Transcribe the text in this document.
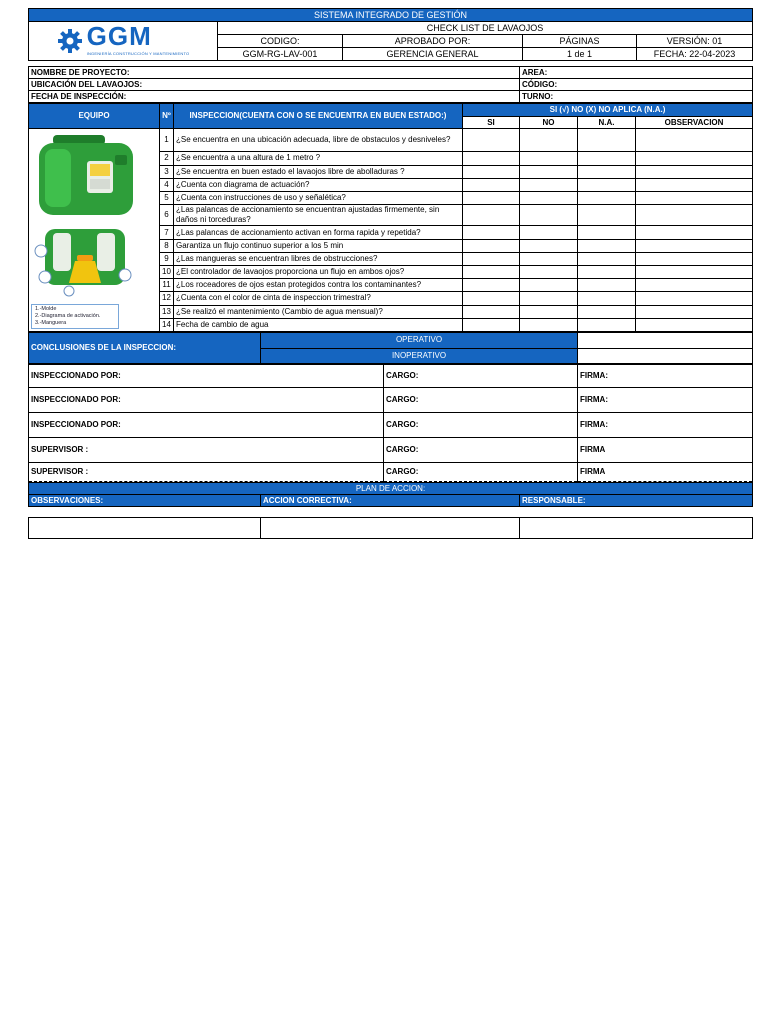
SISTEMA INTEGRADO DE GESTIÓN				

GGM
INGENIERÍA CONSTRUCCIÓN Y MANTENIMIENTO	CHECK LIST DE LAVAOJOS			
	CODIGO:	APROBADO POR:	PÁGINAS	VERSIÓN: 01
	GGM-RG-LAV-001	GERENCIA GENERAL	1 de 1	FECHA: 22-04-2023
NOMBRE DE PROYECTO:	AREA:
UBICACIÓN DEL LAVAOJOS:	CÓDIGO:
FECHA DE INSPECCIÓN:	TURNO:
EQUIPO	Nº	INSPECCION(CUENTA CON O SE ENCUENTRA EN BUEN ESTADO:)	SI (√) NO (X) NO APLICA (N.A.)			
			SI	NO	N.A.	OBSERVACION

1.-Molde
2.-Diagrama de activación.
3.-Manguera	1	¿Se encuentra en una ubicación adecuada, libre de obstaculos y desniveles?				
	2	¿Se encuentra a una altura de 1 metro ?				
	3	¿Se encuentra en buen estado el lavaojos libre de abolladuras ?				
	4	¿Cuenta con diagrama de actuación?				
	5	¿Cuenta con instrucciones de uso y señalética?				
	6	¿Las palancas de accionamiento se encuentran ajustadas firmemente, sin daños ni torceduras?				
	7	¿Las palancas de accionamiento activan en forma rapida y repetida?				
	8	Garantiza un flujo continuo superior a los 5 min				
	9	¿Las mangueras se encuentran libres de obstrucciones?				
	10	¿El controlador de lavaojos proporciona un flujo en ambos ojos?				
	11	¿Los roceadores de ojos estan protegidos contra los contaminantes?				
	12	¿Cuenta con el color de cinta de inspeccion trimestral?				
	13	¿Se realizó el mantenimiento (Cambio de agua mensual)?				
	14	Fecha de cambio de agua				
CONCLUSIONES DE LA INSPECCION:	OPERATIVO	
	INOPERATIVO	
INSPECCIONADO POR:	CARGO:	FIRMA:
INSPECCIONADO POR:	CARGO:	FIRMA:
INSPECCIONADO POR:	CARGO:	FIRMA:
SUPERVISOR :	CARGO:	FIRMA
SUPERVISOR :	CARGO:	FIRMA
PLAN DE ACCION:
OBSERVACIONES:	ACCION CORRECTIVA:	RESPONSABLE:
